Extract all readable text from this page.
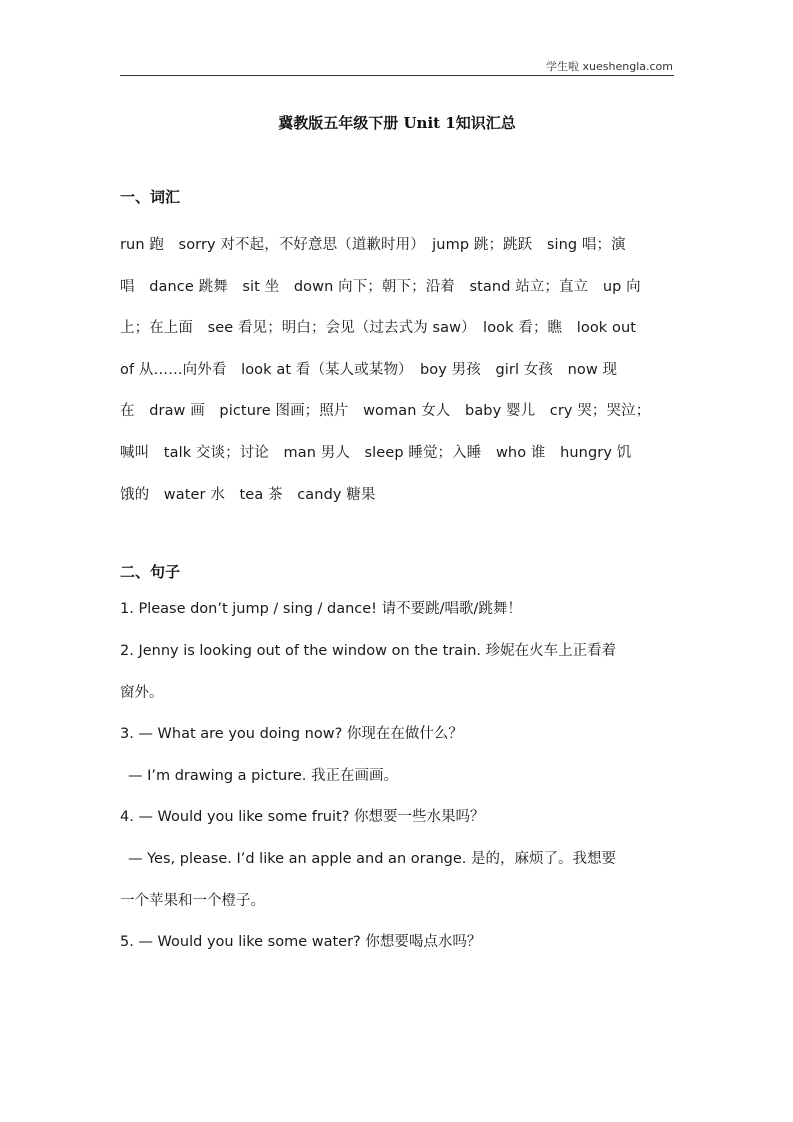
学生啦 xueshengla.com
冀教版五年级下册 Unit 1知识汇总
一、词汇
run 跑　sorry 对不起，不好意思（道歉时用）　jump 跳；跳跃　sing 唱；演
唱　dance 跳舞　sit 坐　down 向下；朝下；沿着　stand 站立；直立　up 向
上；在上面　see 看见；明白；会见（过去式为 saw）　look 看；瞧　look out
of 从……向外看　look at 看（某人或某物）　boy 男孩　girl 女孩　now 现
在　draw 画　picture 图画；照片　woman 女人　baby 婴儿　cry 哭；哭泣；
喊叫　talk 交谈；讨论　man 男人　sleep 睡觉；入睡　who 谁　hungry 饥
饿的　water 水　tea 茶　candy 糖果
二、句子
1. Please don’t jump / sing / dance! 请不要跳/唱歌/跳舞！
2. Jenny is looking out of the window on the train. 珍妮在火车上正看着
窗外。
3. — What are you doing now? 你现在在做什么？
— I’m drawing a picture. 我正在画画。
4. — Would you like some fruit? 你想要一些水果吗？
— Yes, please. I’d like an apple and an orange. 是的，麻烦了。我想要
一个苹果和一个橙子。
5. — Would you like some water? 你想要喝点水吗？
